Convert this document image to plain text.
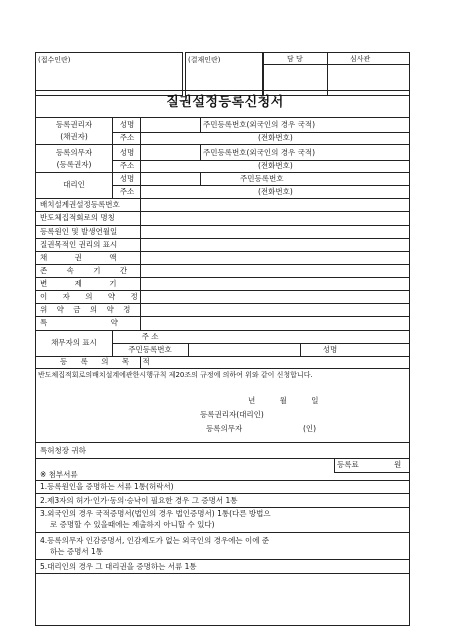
(접수인란)	(결재인란)	담 당	심사관
질권설정등록신청서
등록권리자
(채권자)
성명	주민등록번호(외국인의 경우 국적)
주소	(전화번호)
등록의무자
(등록권자)
성명	주민등록번호(외국인의 경우 국적)
주소	(전화번호)
대리인
성명	주민등록번호
주소	(전화번호)
배치설계권설정등록번호
반도체집적회로의 명칭
등록원인 및 발생연월일
질권목적인 권리의 표시
채 권 액
존 속 기 간
변 제 기
이 자 의 약 정
위 약 금 의 약 정
특 약
채무자의 표시
주 소
주민등록번호	성명
등 록 의 목 적
반도체집적회로의배치설계에관한시행규칙 제20조의 규정에 의하여 위와 같이 신청합니다.
년 월 일
등록권리자(대리인)
등록의무자	(인)
특허청장 귀하
등록료	원
※ 첨부서류
1.등록원인을 증명하는 서류 1통(허락서)
2.제3자의 허가·인가·동의·승낙이 필요한 경우 그 증명서 1통
3.외국인의 경우 국적증명서(법인의 경우 법인증명서) 1통(다른 방법으
로 증명할 수 있을때에는 제출하지 아니할 수 있다)
4.등록의무자 인감증명서, 인감제도가 없는 외국인의 경우에는 이에 준
하는 증명서 1통
5.대리인의 경우 그 대리권을 증명하는 서류 1통
